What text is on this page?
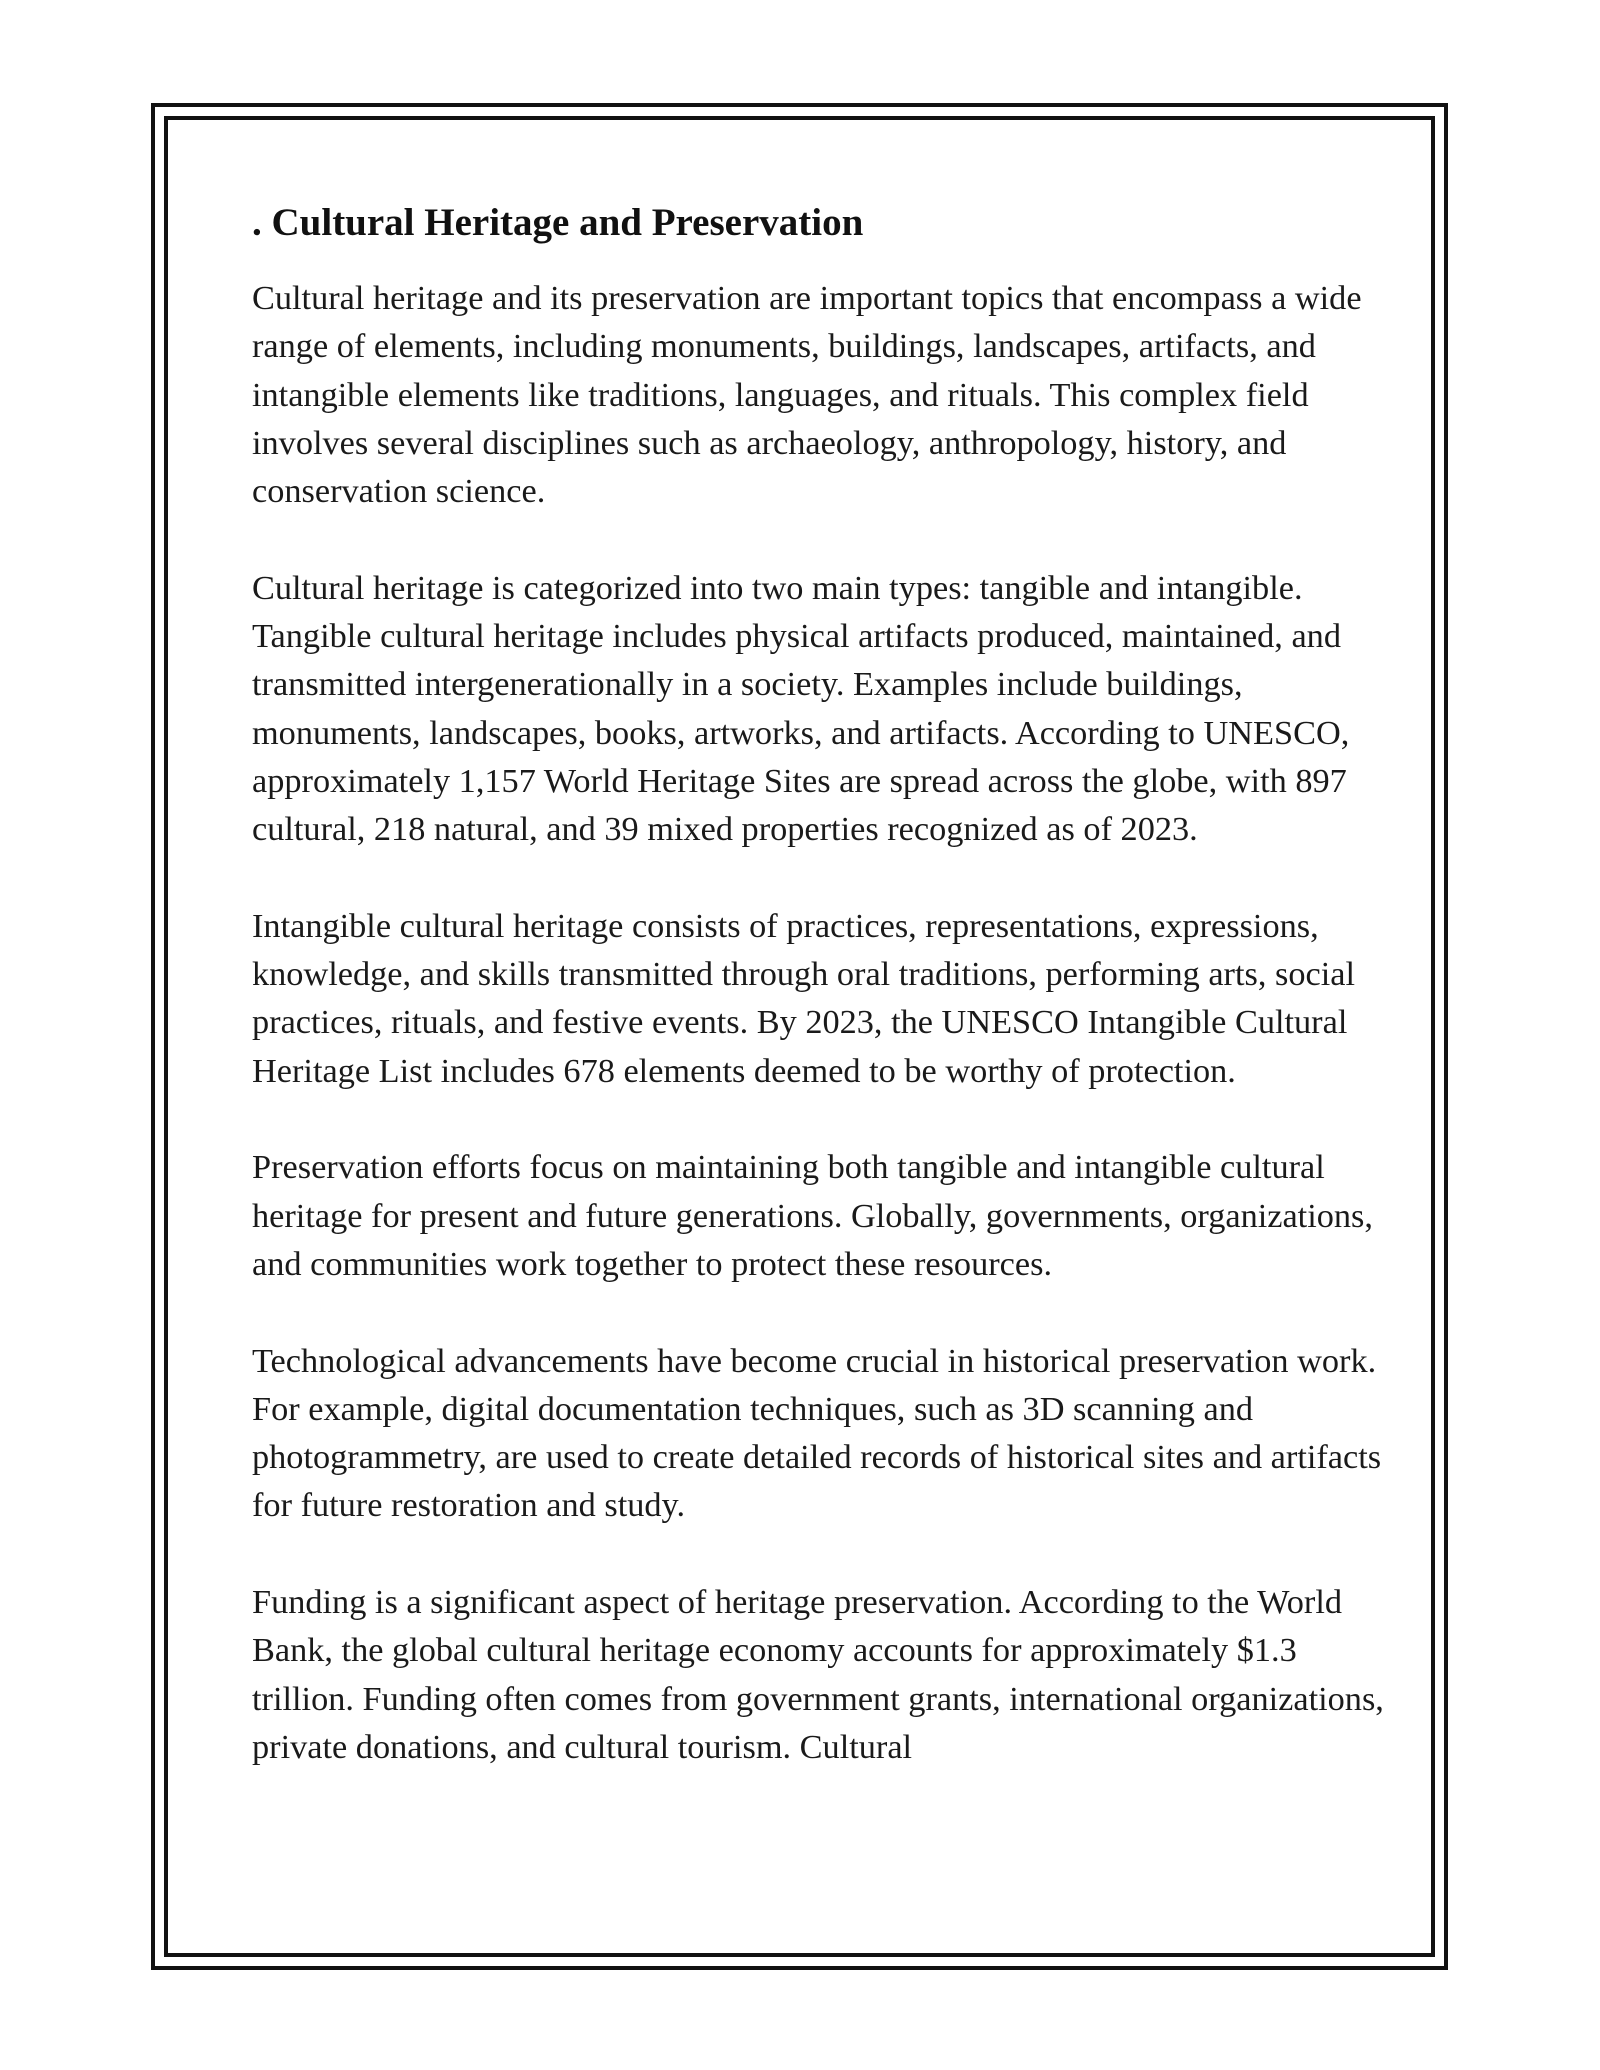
. Cultural Heritage and Preservation

Cultural heritage and its preservation are important topics that encompass a wide range of elements, including monuments, buildings, landscapes, artifacts, and intangible elements like traditions, languages, and rituals. This complex field involves several disciplines such as archaeology, anthropology, history, and conservation science.

Cultural heritage is categorized into two main types: tangible and intangible. Tangible cultural heritage includes physical artifacts produced, maintained, and transmitted intergenerationally in a society. Examples include buildings, monuments, landscapes, books, artworks, and artifacts. According to UNESCO, approximately 1,157 World Heritage Sites are spread across the globe, with 897 cultural, 218 natural, and 39 mixed properties recognized as of 2023.

Intangible cultural heritage consists of practices, representations, expressions, knowledge, and skills transmitted through oral traditions, performing arts, social practices, rituals, and festive events. By 2023, the UNESCO Intangible Cultural Heritage List includes 678 elements deemed to be worthy of protection.

Preservation efforts focus on maintaining both tangible and intangible cultural heritage for present and future generations. Globally, governments, organizations, and communities work together to protect these resources.

Technological advancements have become crucial in historical preservation work. For example, digital documentation techniques, such as 3D scanning and photogrammetry, are used to create detailed records of historical sites and artifacts for future restoration and study.

Funding is a significant aspect of heritage preservation. According to the World Bank, the global cultural heritage economy accounts for approximately $1.3 trillion. Funding often comes from government grants, international organizations, private donations, and cultural tourism. Cultural
